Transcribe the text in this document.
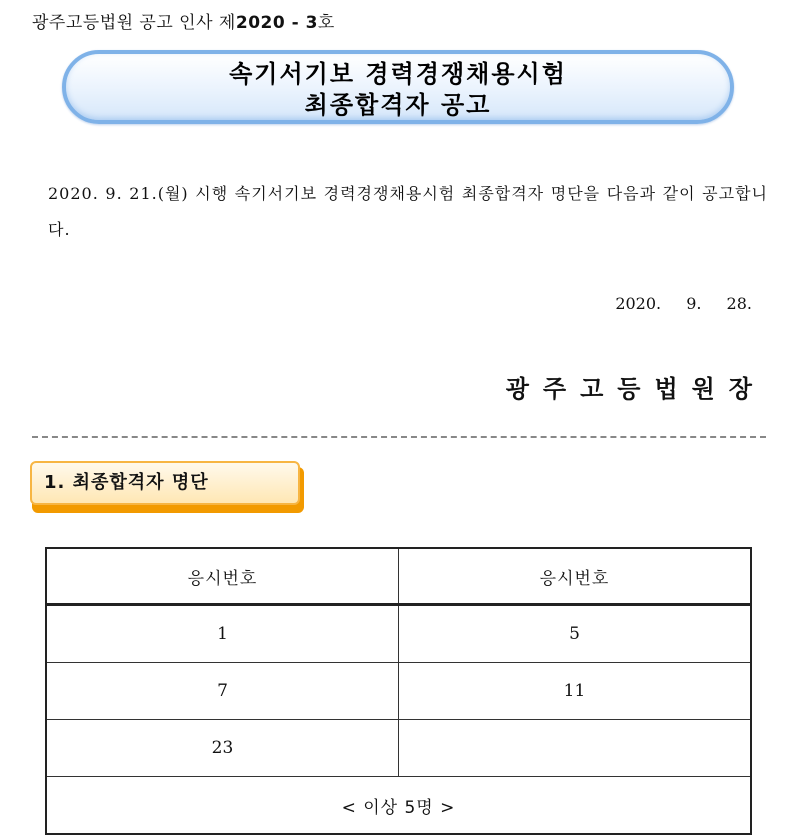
광주고등법원 공고 인사 제2020 - 3호
속기서기보 경력경쟁채용시험
최종합격자 공고
2020. 9. 21.(월) 시행 속기서기보 경력경쟁채용시험 최종합격자 명단을 다음과 같이 공고합니다.
2020. 9. 28.
광주고등법원장
1. 최종합격자 명단
응시번호	응시번호
1	5
7	11
23	
< 이상 5명 >	
